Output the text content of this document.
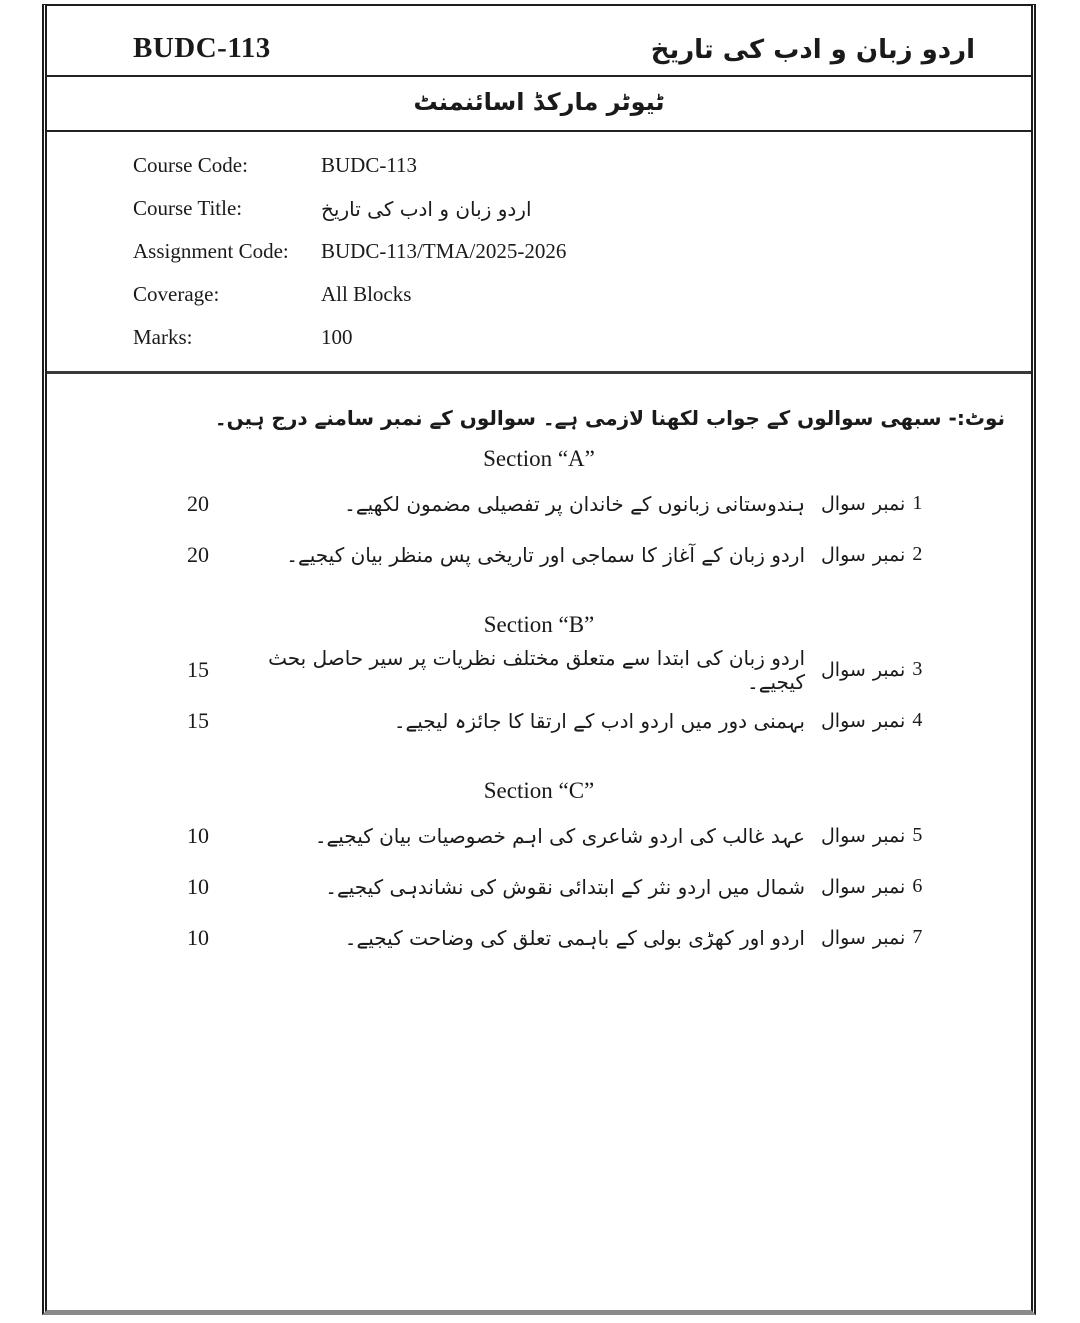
BUDC-113	اردو زبان و ادب کی تاریخ
ٹیوٹر مارکڈ اسائنمنٹ
Course Code:	BUDC-113
Course Title:	اردو زبان و ادب کی تاریخ
Assignment Code:	BUDC-113/TMA/2025-2026
Coverage:	All Blocks
Marks:	100
نوٹ:- سبھی سوالوں کے جواب لکھنا لازمی ہے۔ سوالوں کے نمبر سامنے درج ہیں۔
Section “A”
20	ہندوستانی زبانوں کے خاندان پر تفصیلی مضمون لکھیے۔ سوال نمبر 1
20	اردو زبان کے آغاز کا سماجی اور تاریخی پس منظر بیان کیجیے۔ سوال نمبر 2
Section “B”
15	اردو زبان کی ابتدا سے متعلق مختلف نظریات پر سیر حاصل بحث کیجیے۔ سوال نمبر 3
15	بہمنی دور میں اردو ادب کے ارتقا کا جائزہ لیجیے۔ سوال نمبر 4
Section “C”
10	عہد غالب کی اردو شاعری کی اہم خصوصیات بیان کیجیے۔ سوال نمبر 5
10	شمال میں اردو نثر کے ابتدائی نقوش کی نشاندہی کیجیے۔ سوال نمبر 6
10	اردو اور کھڑی بولی کے باہمی تعلق کی وضاحت کیجیے۔ سوال نمبر 7
